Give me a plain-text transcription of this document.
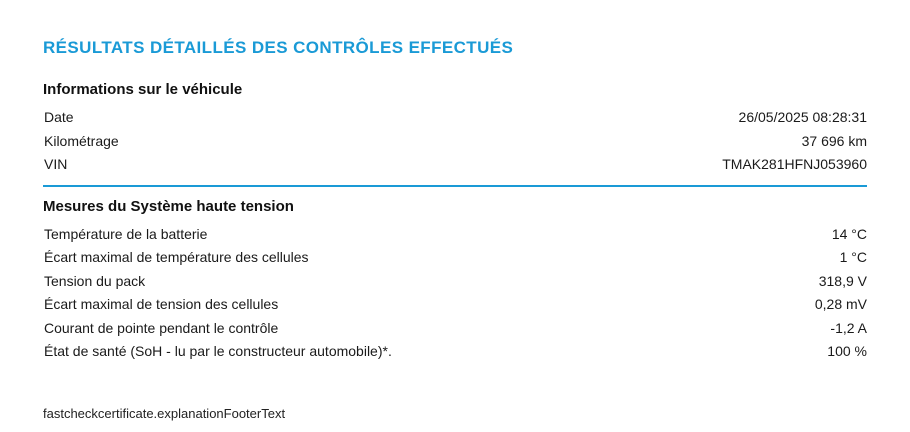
RÉSULTATS DÉTAILLÉS DES CONTRÔLES EFFECTUÉS
Informations sur le véhicule
Date	26/05/2025 08:28:31
Kilométrage	37 696 km
VIN	TMAK281HFNJ053960
Mesures du Système haute tension
Température de la batterie	14 °C
Écart maximal de température des cellules	1 °C
Tension du pack	318,9 V
Écart maximal de tension des cellules	0,28 mV
Courant de pointe pendant le contrôle	-1,2 A
État de santé (SoH - lu par le constructeur automobile)*.	100 %
fastcheckcertificate.explanationFooterText
